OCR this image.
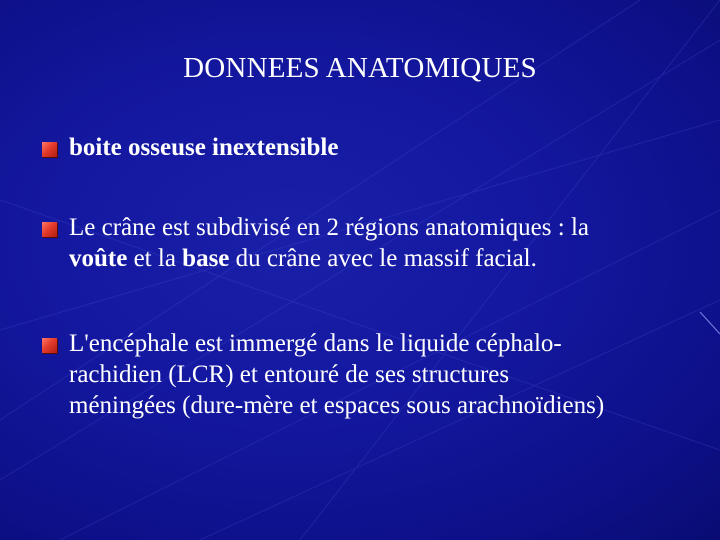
DONNEES ANATOMIQUES
boite osseuse inextensible
Le crâne est subdivisé en 2 régions anatomiques : la
voûte et la base du crâne avec le massif facial.
L'encéphale est immergé dans le liquide céphalo-
rachidien (LCR) et entouré de ses structures
méningées (dure-mère et espaces sous arachnoïdiens)
